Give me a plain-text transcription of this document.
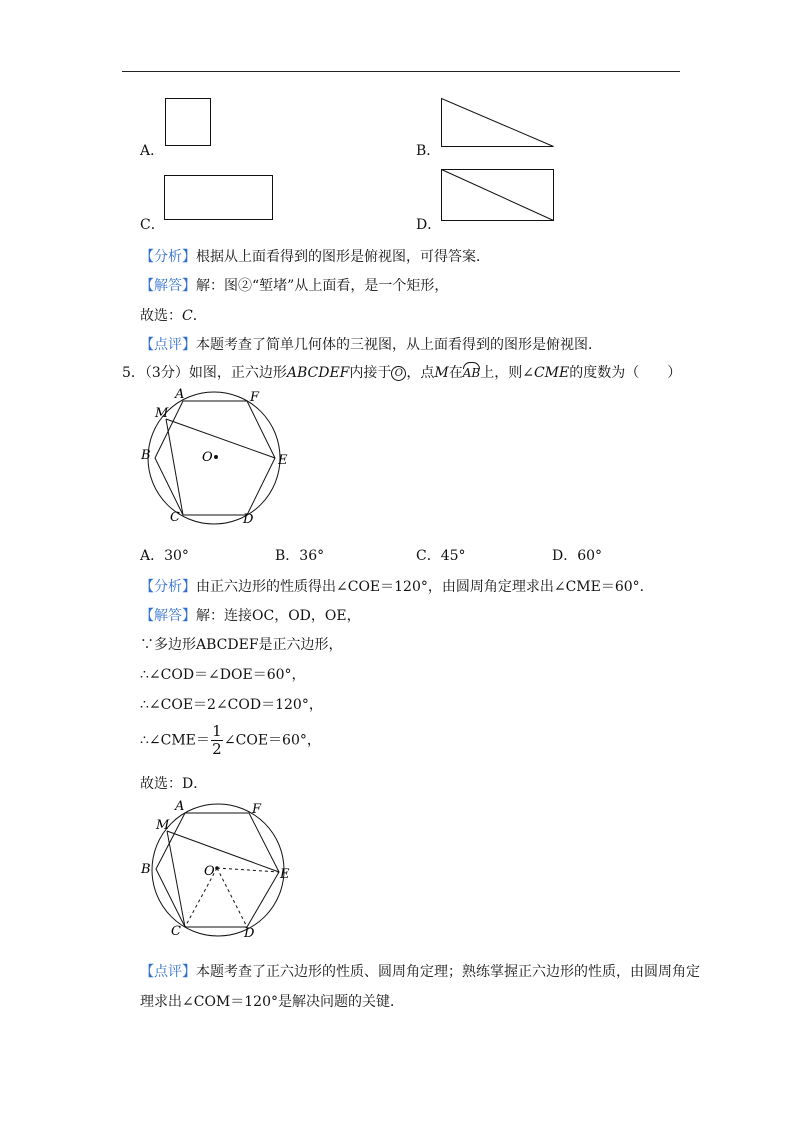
A．	B．
C．	D．
【分析】根据从上面看得到的图形是俯视图，可得答案．
【解答】解：图②“堑堵”从上面看，是一个矩形，
故选：C．
【点评】本题考查了简单几何体的三视图，从上面看得到的图形是俯视图．
5．（3分）如图，正六边形ABCDEF内接于 O ，点M在AB上，则∠CME的度数为（　　）
A	F
M
B	O	E
C	D
A．30°	B．36°	C．45°	D．60°
【分析】由正六边形的性质得出∠COE＝120°，由圆周角定理求出∠CME＝60°．
【解答】解：连接OC，OD，OE，
∵多边形ABCDEF是正六边形，
∴∠COD＝∠DOE＝60°，
∴∠COE＝2∠COD＝120°，
∴∠CME＝ $\frac{1}{2}$ ∠COE＝60°，
故选：D．
A	F
M
B	O	E
C	D
【点评】本题考查了正六边形的性质、圆周角定理；熟练掌握正六边形的性质，由圆周角定
理求出∠COM＝120°是解决问题的关键．
